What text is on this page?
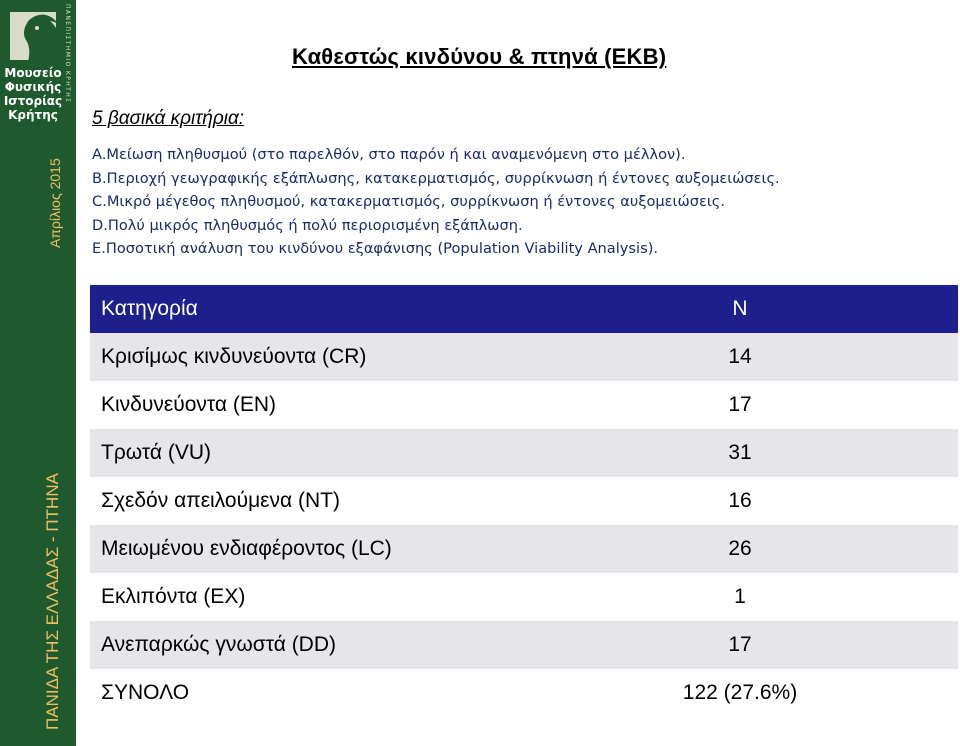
Μουσείο
Φυσικής
Ιστορίας
Κρήτης
ΠΑΝΕΠΙΣΤΗΜΙΟ ΚΡΗΤΗΣ
Απρίλιος 2015
ΠΑΝΙΔΑ ΤΗΣ ΕΛΛΑΔΑΣ - ΠΤΗΝΑ
Καθεστώς κινδύνου & πτηνά (ΕΚΒ)
5 βασικά κριτήρια:
A.Μείωση πληθυσμού (στο παρελθόν, στο παρόν ή και αναμενόμενη στο μέλλον).
B.Περιοχή γεωγραφικής εξάπλωσης, κατακερματισμός, συρρίκνωση ή έντονες αυξομειώσεις.
C.Μικρό μέγεθος πληθυσμού, κατακερματισμός, συρρίκνωση ή έντονες αυξομειώσεις.
D.Πολύ μικρός πληθυσμός ή πολύ περιορισμένη εξάπλωση.
E.Ποσοτική ανάλυση του κινδύνου εξαφάνισης (Population Viability Analysis).
Κατηγορία	Ν
Κρισίμως κινδυνεύοντα (CR)	14
Κινδυνεύοντα (EN)	17
Τρωτά (VU)	31
Σχεδόν απειλούμενα (NT)	16
Μειωμένου ενδιαφέροντος (LC)	26
Εκλιπόντα (EX)	1
Ανεπαρκώς γνωστά (DD)	17
ΣΥΝΟΛΟ	122 (27.6%)
